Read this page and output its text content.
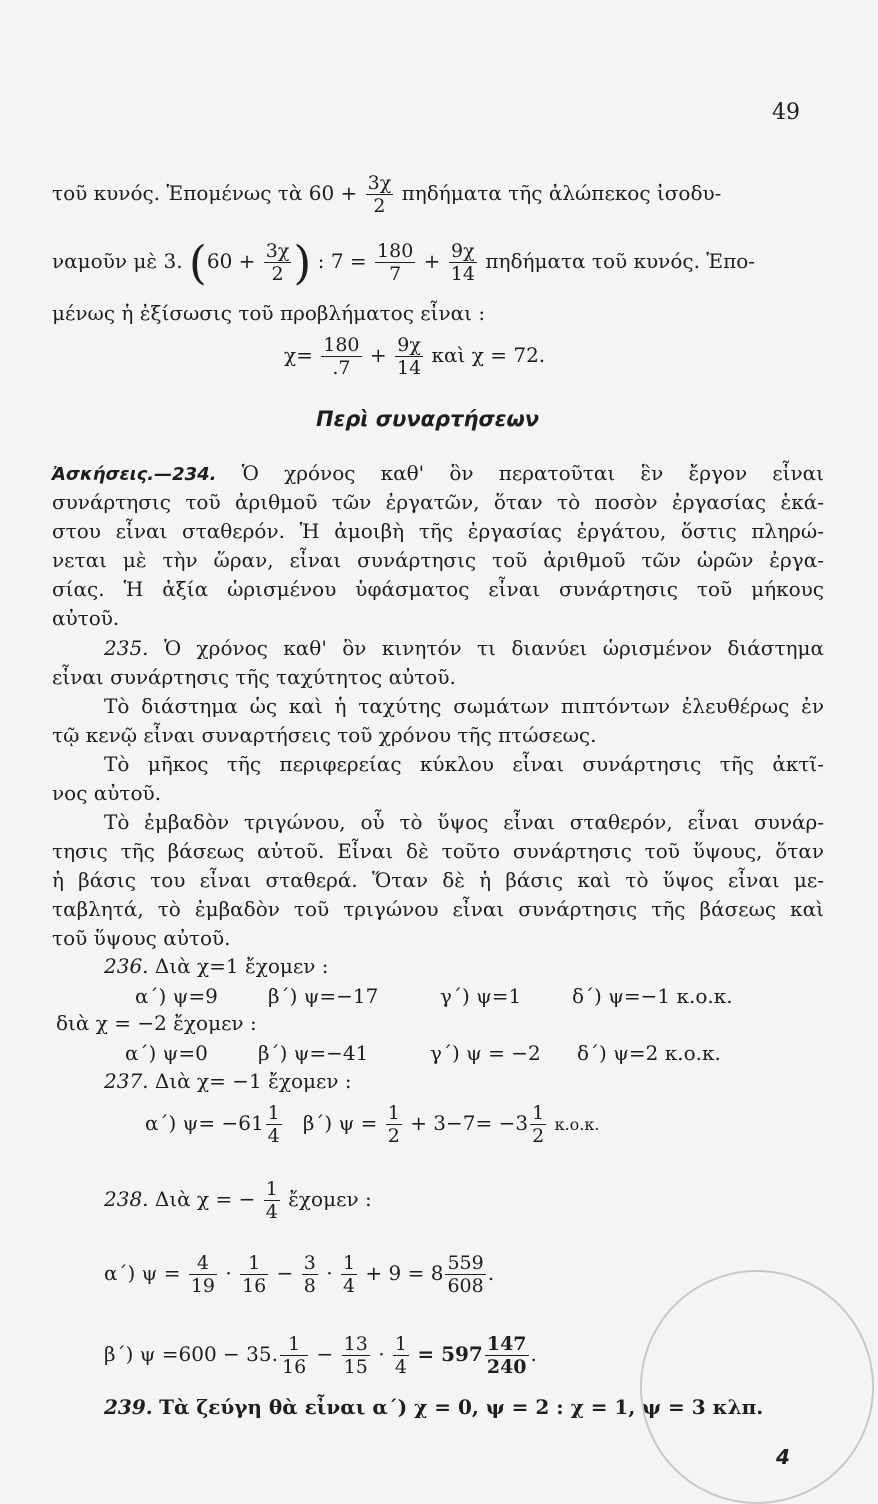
49
τοῦ κυνός. Ἑπομένως τὰ $60 + \frac{3\chi}{2}$ πηδήματα τῆς ἀλώπεκος ἰσοδυ-
ναμοῦν μὲ 3. ($60 + \frac{3\chi}{2}$ ) : $7 = \frac{180}{7} + \frac{9\chi}{14}$ πηδήματα τοῦ κυνός. Ἑπο-
μένως ἡ ἐξίσωσις τοῦ προβλήματος εἶναι :
$\chi= \frac{180}{.7} + \frac{9\chi}{14}$ καὶ χ = 72.
Περὶ συναρτήσεων
Ἀσκήσεις.—234. Ὁ χρόνος καθ' ὃν περατοῦται ἓν ἔργον εἶναι
συνάρτησις τοῦ ἀριθμοῦ τῶν ἐργατῶν, ὅταν τὸ ποσὸν ἐργασίας ἑκά-
στου εἶναι σταθερόν. Ἡ ἀμοιβὴ τῆς ἐργασίας ἐργάτου, ὅστις πληρώ-
νεται μὲ τὴν ὥραν, εἶναι συνάρτησις τοῦ ἀριθμοῦ τῶν ὡρῶν ἐργα-
σίας. Ἡ ἀξία ὡρισμένου ὑφάσματος εἶναι συνάρτησις τοῦ μήκους
αὐτοῦ.
235. Ὁ χρόνος καθ' ὃν κινητόν τι διανύει ὡρισμένον διάστημα
εἶναι συνάρτησις τῆς ταχύτητος αὐτοῦ.
Τὸ διάστημα ὡς καὶ ἡ ταχύτης σωμάτων πιπτόντων ἐλευθέρως ἐν
τῷ κενῷ εἶναι συναρτήσεις τοῦ χρόνου τῆς πτώσεως.
Τὸ μῆκος τῆς περιφερείας κύκλου εἶναι συνάρτησις τῆς ἀκτῖ-
νος αὐτοῦ.
Τὸ ἐμβαδὸν τριγώνου, οὗ τὸ ὕψος εἶναι σταθερόν, εἶναι συνάρ-
τησις τῆς βάσεως αὐτοῦ. Εἶναι δὲ τοῦτο συνάρτησις τοῦ ὕψους, ὅταν
ἡ βάσις του εἶναι σταθερά. Ὅταν δὲ ἡ βάσις καὶ τὸ ὕψος εἶναι με-
ταβλητά, τὸ ἐμβαδὸν τοῦ τριγώνου εἶναι συνάρτησις τῆς βάσεως καὶ
τοῦ ὕψους αὐτοῦ.
236. Διὰ χ=1 ἔχομεν :
α΄) ψ=9	β΄) ψ=−17	γ΄) ψ=1	δ΄) ψ=−1 κ.ο.κ.
διὰ χ = −2 ἔχομεν :
α΄) ψ=0	β΄) ψ=−41	γ΄) ψ = −2 δ΄) ψ=2 κ.ο.κ.
237. Διὰ χ= −1 ἔχομεν :
α΄) $\psi= -61 \frac{1}{4} \beta΄$) $\psi = \frac{1}{2} + 3-7= -3 \frac{1}{2} \kappa.o.\kappa$.
238. Διὰ χ = − $\frac{1}{4}$ ἔχομεν :
α΄) $\psi = \frac{4}{19} \cdot \frac{1}{16} - \frac{3}{8} \cdot \frac{1}{4} + 9 = 8 \frac{559}{608}$ .
β΄) ψ =600 − 35. $\frac{1}{16} - \frac{13}{15} \cdot \frac{1}{4} = 597 \frac{147}{240}$ .
239. Τὰ ζεύγη θὰ εἶναι α΄) χ = 0, ψ = 2 : χ = 1, ψ = 3 κλπ.
4
